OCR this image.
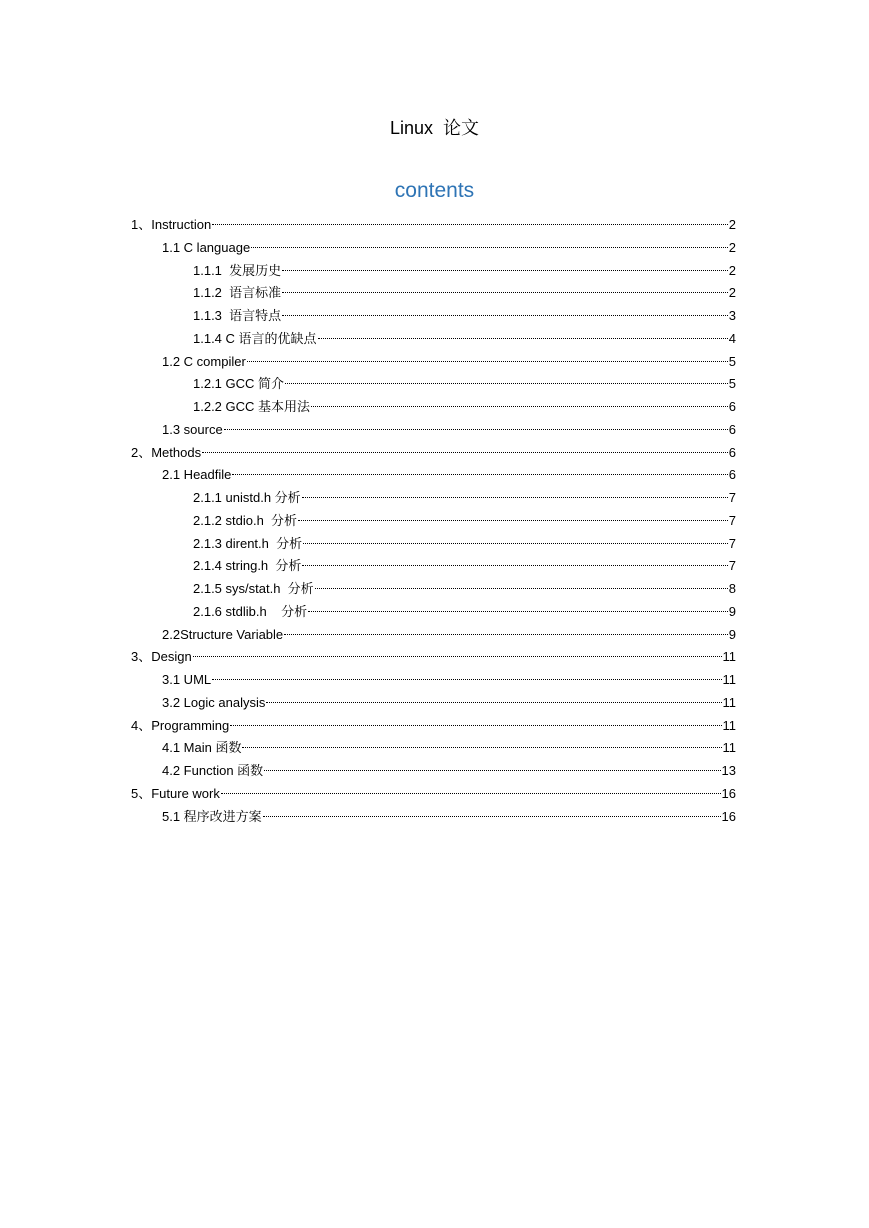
Linux  论文
contents
1、Instruction	2
1.1 C language	2
1.1.1  发展历史	2
1.1.2  语言标准	2
1.1.3  语言特点	3
1.1.4 C 语言的优缺点	4
1.2 C compiler	5
1.2.1 GCC 简介	5
1.2.2 GCC 基本用法	6
1.3 source	6
2、Methods	6
2.1 Headfile	6
2.1.1 unistd.h 分析	7
2.1.2 stdio.h  分析	7
2.1.3 dirent.h  分析	7
2.1.4 string.h  分析	7
2.1.5 sys/stat.h  分析	8
2.1.6 stdlib.h    分析	9
2.2Structure Variable	9
3、Design	11
3.1 UML	11
3.2 Logic analysis	11
4、Programming	11
4.1 Main 函数	11
4.2 Function 函数	13
5、Future work	16
5.1 程序改进方案	16
